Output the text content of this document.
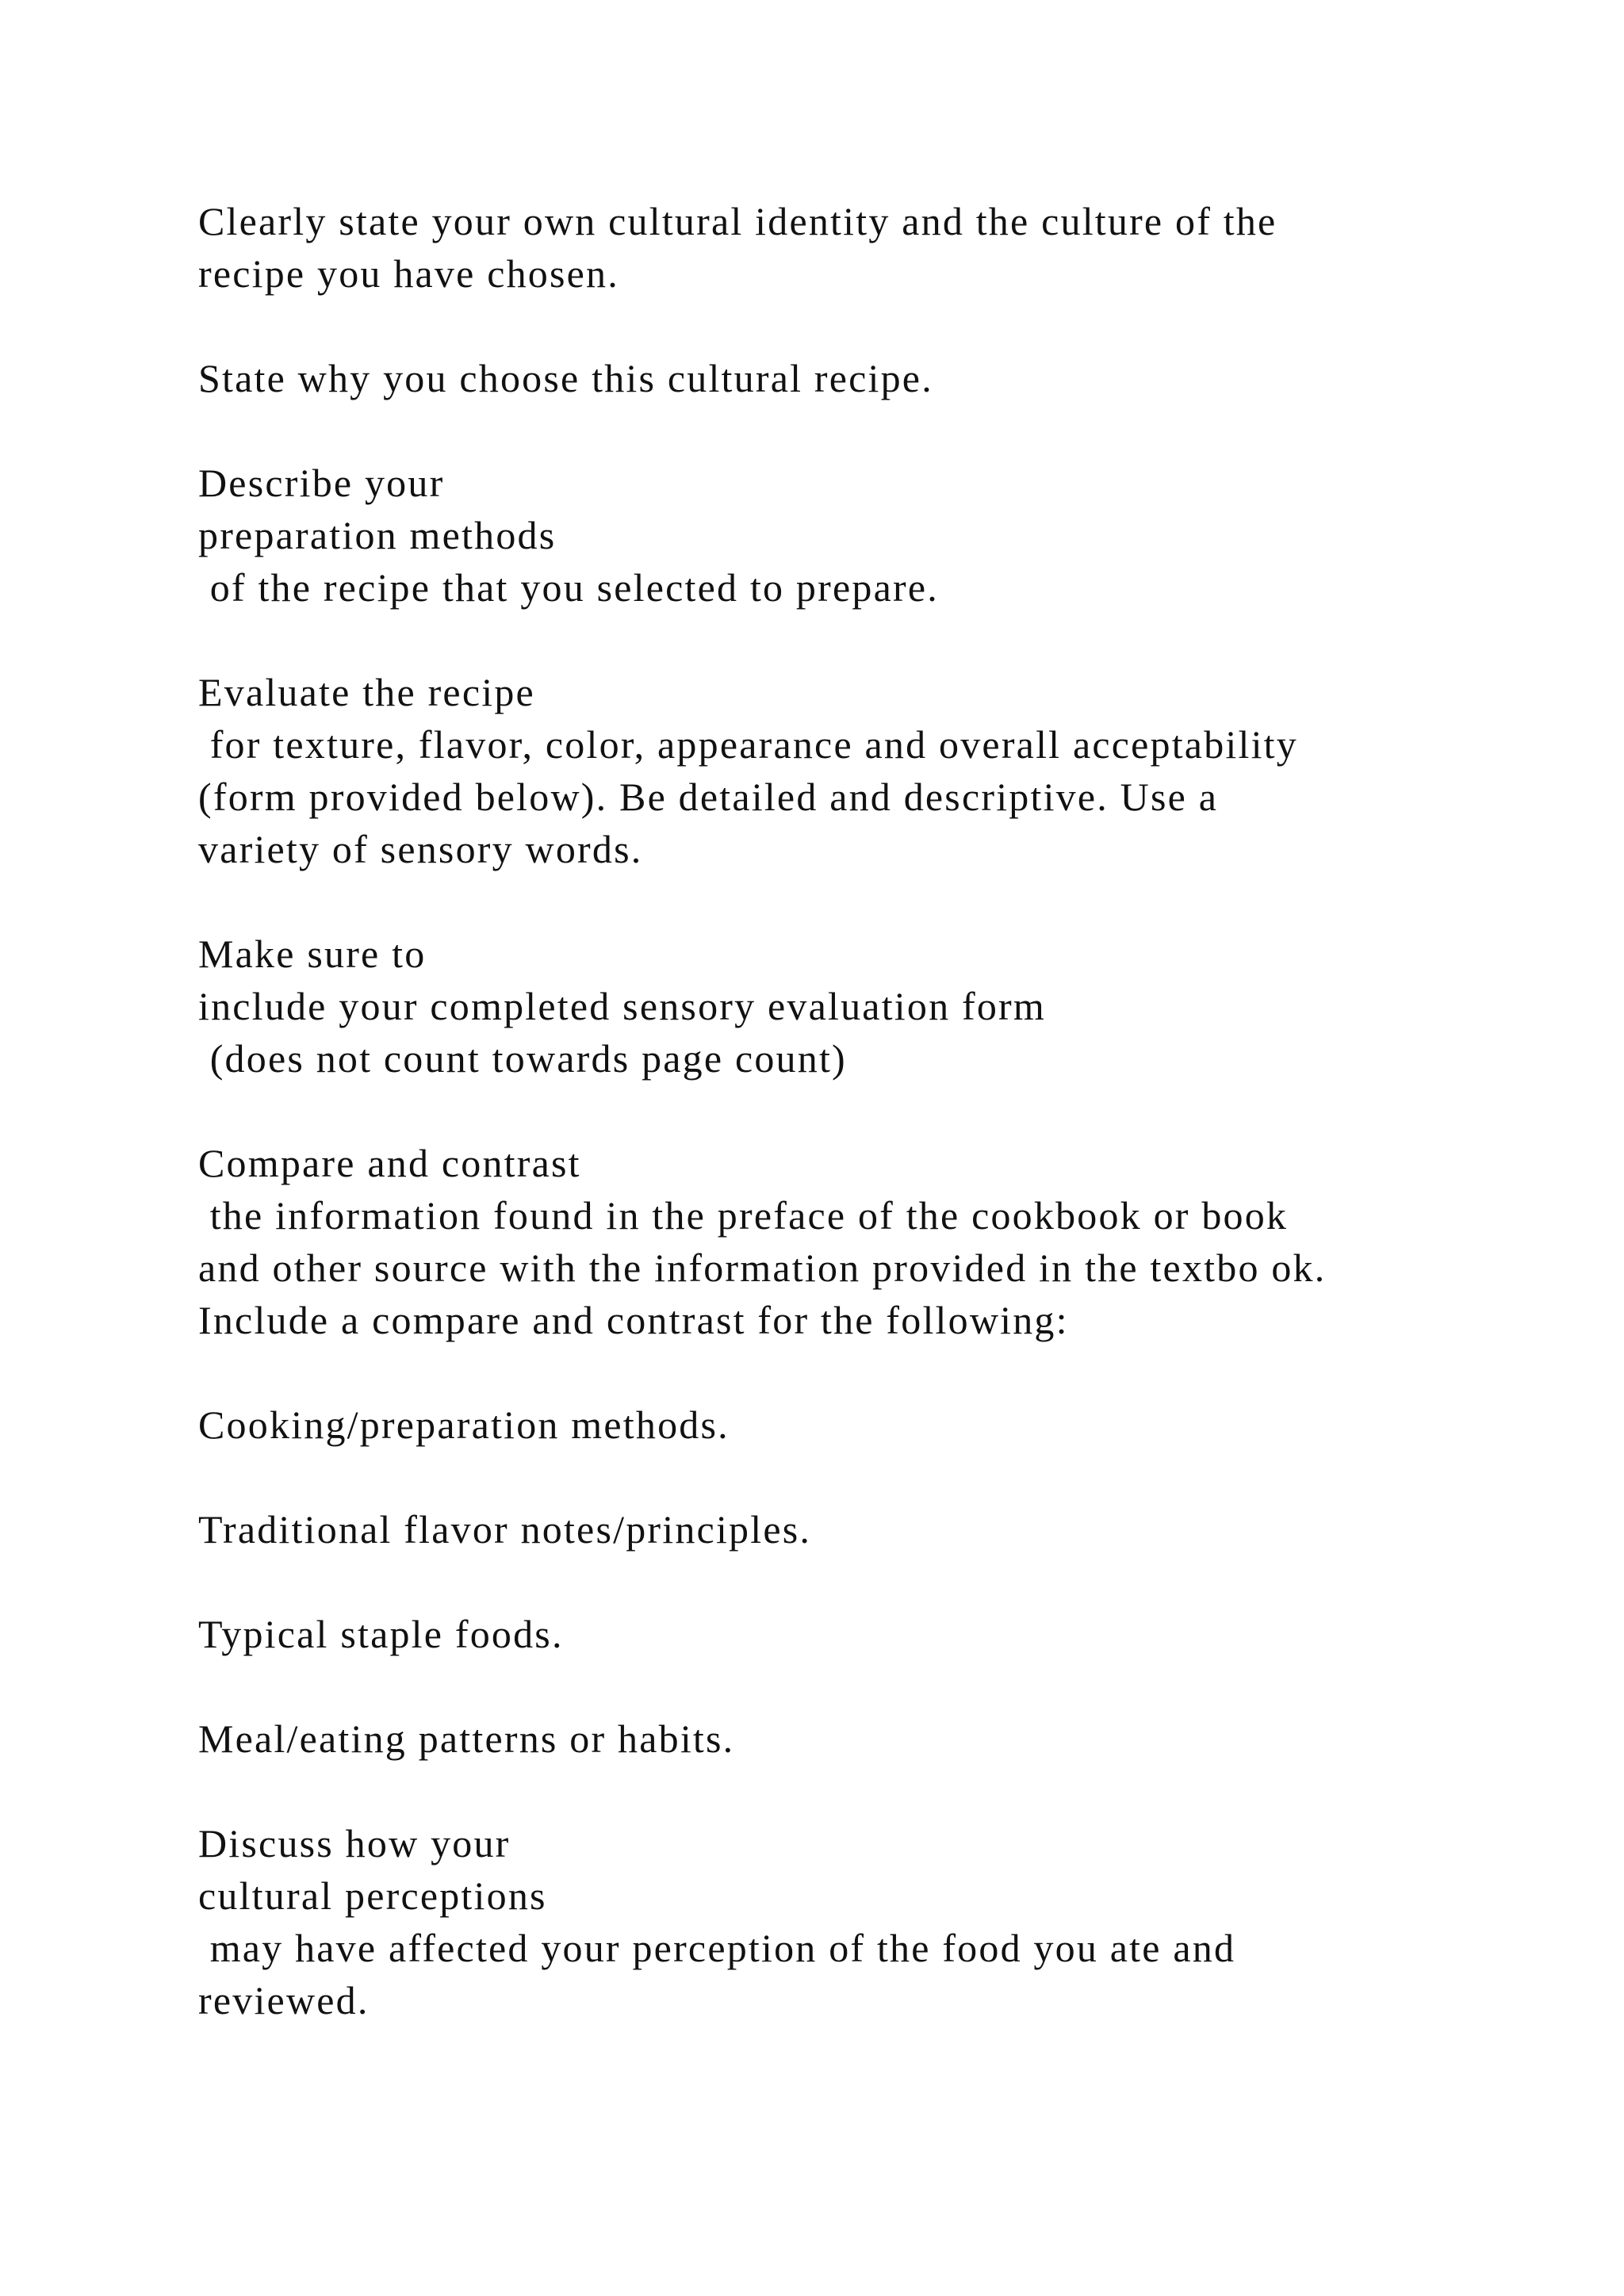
Clearly state your own cultural identity and the culture of the
recipe you have chosen.
State why you choose this cultural recipe.
Describe your
preparation methods
of the recipe that you selected to prepare.
Evaluate the recipe
for texture, flavor, color, appearance and overall acceptability
(form provided below). Be detailed and descriptive. Use a
variety of sensory words.
Make sure to
include your completed sensory evaluation form
(does not count towards page count)
Compare and contrast
the information found in the preface of the cookbook or book
and other source with the information provided in the textbo ok.
Include a compare and contrast for the following:
Cooking/preparation methods.
Traditional flavor notes/principles.
Typical staple foods.
Meal/eating patterns or habits.
Discuss how your
cultural perceptions
may have affected your perception of the food you ate and
reviewed.
